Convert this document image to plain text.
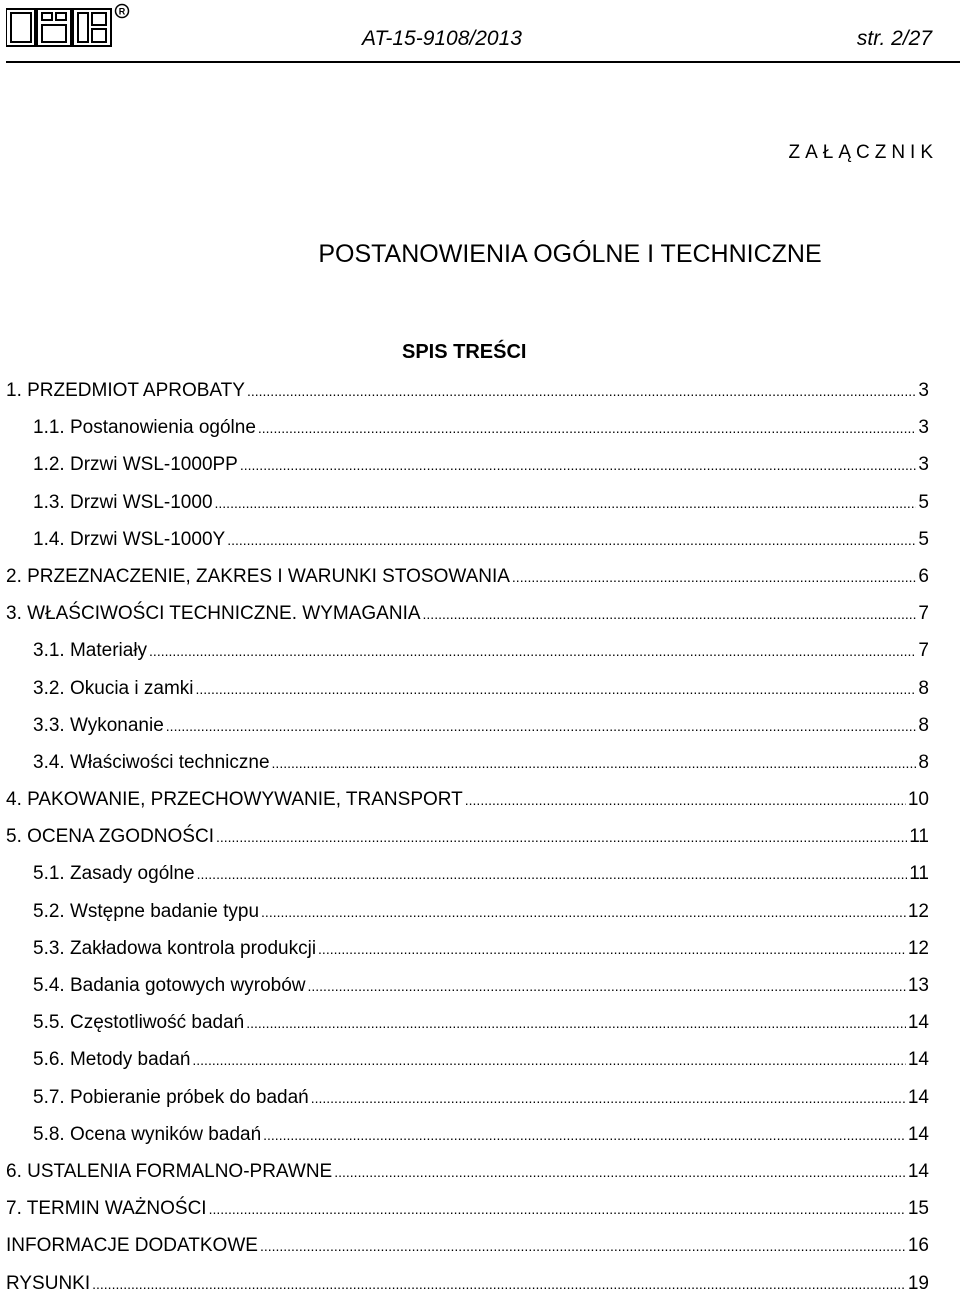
R
AT-15-9108/2013	str. 2/27
ZAŁĄCZNIK
POSTANOWIENIA OGÓLNE I TECHNICZNE
SPIS TREŚCI
1. PRZEDMIOT APROBATY .....	3
1.1. Postanowienia ogólne .....	3
1.2. Drzwi WSL-1000PP .....	3
1.3. Drzwi WSL-1000 .....	5
1.4. Drzwi WSL-1000Y .....	5
2. PRZEZNACZENIE, ZAKRES I WARUNKI STOSOWANIA .....	6
3. WŁAŚCIWOŚCI TECHNICZNE. WYMAGANIA .....	7
3.1. Materiały .....	7
3.2. Okucia i zamki .....	8
3.3. Wykonanie .....	8
3.4. Właściwości techniczne .....	8
4. PAKOWANIE, PRZECHOWYWANIE, TRANSPORT .....	10
5. OCENA ZGODNOŚCI .....	11
5.1. Zasady ogólne .....	11
5.2. Wstępne badanie typu .....	12
5.3. Zakładowa kontrola produkcji .....	12
5.4. Badania gotowych wyrobów .....	13
5.5. Częstotliwość badań .....	14
5.6. Metody badań .....	14
5.7. Pobieranie próbek do badań .....	14
5.8. Ocena wyników badań .....	14
6. USTALENIA FORMALNO-PRAWNE .....	14
7. TERMIN WAŻNOŚCI .....	15
INFORMACJE DODATKOWE .....	16
RYSUNKI .....	19
